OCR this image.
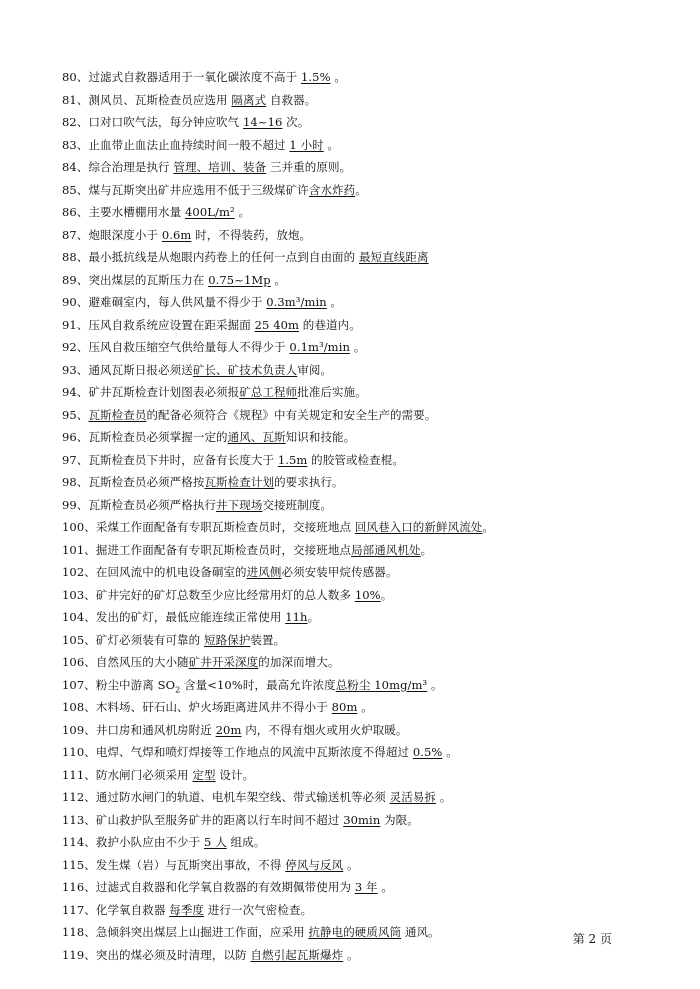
80、过滤式自救器适用于一氧化碳浓度不高于 1.5% 。
81、测风员、瓦斯检查员应选用 隔离式 自救器。
82、口对口吹气法，每分钟应吹气 14~16 次。
83、止血带止血法止血持续时间一般不超过 1 小时 。
84、综合治理是执行 管理、培训、装备 三并重的原则。
85、煤与瓦斯突出矿井应选用不低于三级煤矿许含水炸药。
86、主要水槽棚用水量 400L/m² 。
87、炮眼深度小于 0.6m 时，不得装药，放炮。
88、最小抵抗线是从炮眼内药卷上的任何一点到自由面的 最短直线距离
89、突出煤层的瓦斯压力在 0.75~1Mp 。
90、避难硐室内，每人供风量不得少于 0.3m³/min 。
91、压风自救系统应设置在距采掘面 25 40m 的巷道内。
92、压风自救压缩空气供给量每人不得少于 0.1m³/min 。
93、通风瓦斯日报必须送矿长、矿技术负责人审阅。
94、矿井瓦斯检查计划图表必须报矿总工程师批准后实施。
95、瓦斯检查员的配备必须符合《规程》中有关规定和安全生产的需要。
96、瓦斯检查员必须掌握一定的通风、瓦斯知识和技能。
97、瓦斯检查员下井时，应备有长度大于 1.5m 的胶管或检查棍。
98、瓦斯检查员必须严格按瓦斯检查计划的要求执行。
99、瓦斯检查员必须严格执行井下现场交接班制度。
100、采煤工作面配备有专职瓦斯检查员时，交接班地点 回风巷入口的新鲜风流处。
101、掘进工作面配备有专职瓦斯检查员时，交接班地点局部通风机处。
102、在回风流中的机电设备硐室的进风侧必须安装甲烷传感器。
103、矿井完好的矿灯总数至少应比经常用灯的总人数多 10%。
104、发出的矿灯，最低应能连续正常使用 11h。
105、矿灯必须装有可靠的 短路保护装置。
106、自然风压的大小随矿井开采深度的加深而增大。
107、粉尘中游离 $SO_2$ 含量<10%时，最高允许浓度总粉尘 10mg/m³ 。
108、木料场、矸石山、炉火场距离进风井不得小于 80m 。
109、井口房和通风机房附近 20m 内，不得有烟火或用火炉取暖。
110、电焊、气焊和喷灯焊接等工作地点的风流中瓦斯浓度不得超过 0.5% 。
111、防水闸门必须采用 定型 设计。
112、通过防水闸门的轨道、电机车架空线、带式输送机等必须 灵活易拆 。
113、矿山救护队至服务矿井的距离以行车时间不超过 30min 为限。
114、救护小队应由不少于 5 人 组成。
115、发生煤（岩）与瓦斯突出事故，不得 停风与反风 。
116、过滤式自救器和化学氧自救器的有效期佩带使用为 3 年 。
117、化学氧自救器 每季度 进行一次气密检查。
118、急倾斜突出煤层上山掘进工作面，应采用 抗静电的硬质风筒 通风。
119、突出的煤必须及时清理，以防 自燃引起瓦斯爆炸 。
第 2 页
